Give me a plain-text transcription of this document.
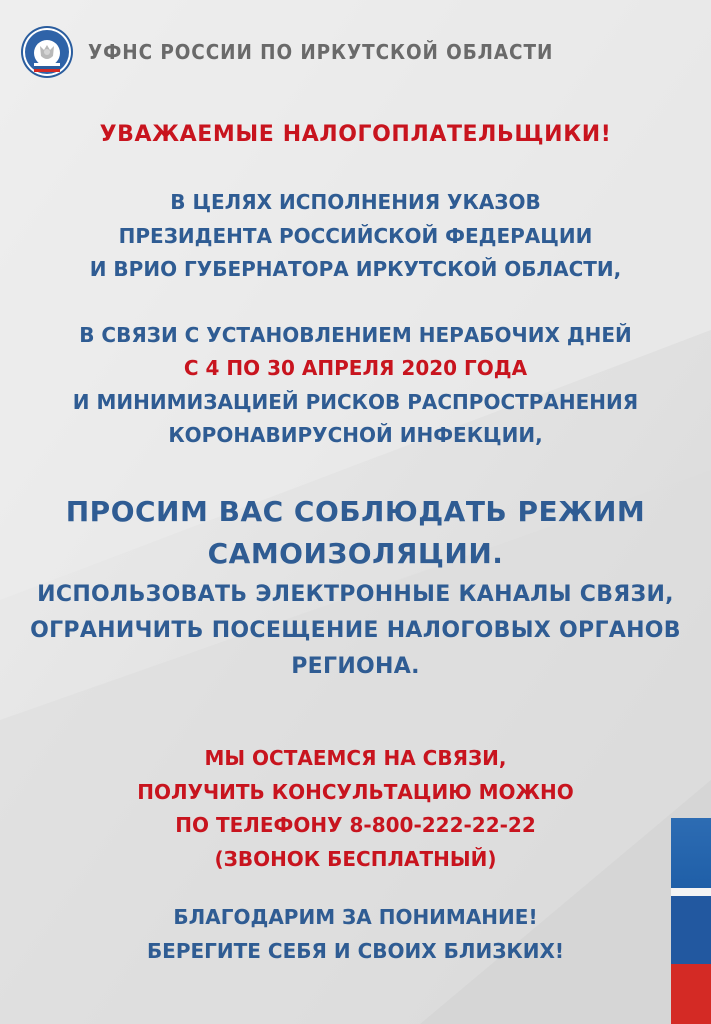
УФНС РОССИИ ПО ИРКУТСКОЙ ОБЛАСТИ
УВАЖАЕМЫЕ НАЛОГОПЛАТЕЛЬЩИКИ!
В ЦЕЛЯХ ИСПОЛНЕНИЯ УКАЗОВ
ПРЕЗИДЕНТА РОССИЙСКОЙ ФЕДЕРАЦИИ
И ВРИО ГУБЕРНАТОРА ИРКУТСКОЙ ОБЛАСТИ,
В СВЯЗИ С УСТАНОВЛЕНИЕМ НЕРАБОЧИХ ДНЕЙ
С 4 ПО 30 АПРЕЛЯ 2020 ГОДА
И МИНИМИЗАЦИЕЙ РИСКОВ РАСПРОСТРАНЕНИЯ
КОРОНАВИРУСНОЙ ИНФЕКЦИИ,
ПРОСИМ ВАС СОБЛЮДАТЬ РЕЖИМ
САМОИЗОЛЯЦИИ.
ИСПОЛЬЗОВАТЬ ЭЛЕКТРОННЫЕ КАНАЛЫ СВЯЗИ,
ОГРАНИЧИТЬ ПОСЕЩЕНИЕ НАЛОГОВЫХ ОРГАНОВ
РЕГИОНА.
МЫ ОСТАЕМСЯ НА СВЯЗИ,
ПОЛУЧИТЬ КОНСУЛЬТАЦИЮ МОЖНО
ПО ТЕЛЕФОНУ 8-800-222-22-22
(ЗВОНОК БЕСПЛАТНЫЙ)
БЛАГОДАРИМ ЗА ПОНИМАНИЕ!
БЕРЕГИТЕ СЕБЯ И СВОИХ БЛИЗКИХ!
